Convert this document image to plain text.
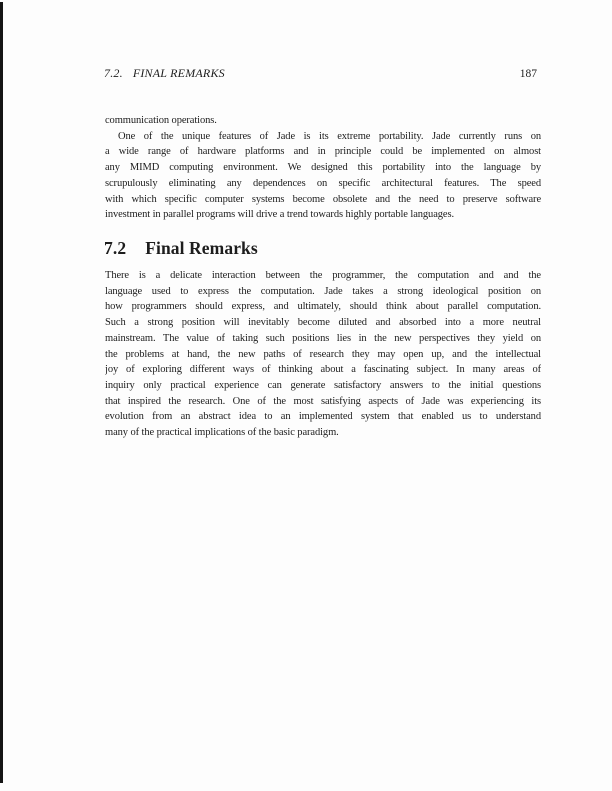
7.2. FINAL REMARKS	187
communication operations.
One of the unique features of Jade is its extreme portability. Jade currently runs on
a wide range of hardware platforms and in principle could be implemented on almost
any MIMD computing environment. We designed this portability into the language by
scrupulously eliminating any dependences on specific architectural features. The speed
with which specific computer systems become obsolete and the need to preserve software
investment in parallel programs will drive a trend towards highly portable languages.
7.2 Final Remarks
There is a delicate interaction between the programmer, the computation and and the
language used to express the computation. Jade takes a strong ideological position on
how programmers should express, and ultimately, should think about parallel computation.
Such a strong position will inevitably become diluted and absorbed into a more neutral
mainstream. The value of taking such positions lies in the new perspectives they yield on
the problems at hand, the new paths of research they may open up, and the intellectual
joy of exploring different ways of thinking about a fascinating subject. In many areas of
inquiry only practical experience can generate satisfactory answers to the initial questions
that inspired the research. One of the most satisfying aspects of Jade was experiencing its
evolution from an abstract idea to an implemented system that enabled us to understand
many of the practical implications of the basic paradigm.
